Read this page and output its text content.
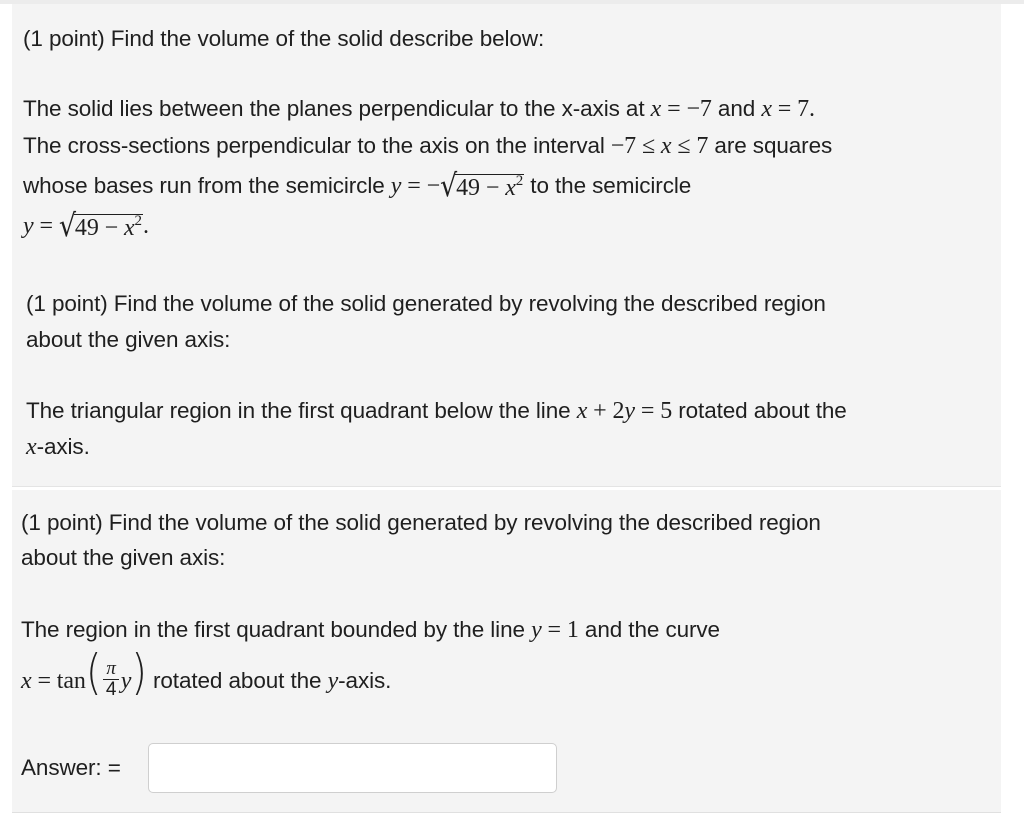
(1 point) Find the volume of the solid describe below:
The solid lies between the planes perpendicular to the x-axis at x = −7 and x = 7.
The cross-sections perpendicular to the axis on the interval −7 ≤ x ≤ 7 are squares
whose bases run from the semicircle $y = -√49 - x^2$ to the semicircle
$y = √49 - x^2$.
(1 point) Find the volume of the solid generated by revolving the described region
about the given axis:
The triangular region in the first quadrant below the line x + 2y = 5 rotated about the
x-axis.
(1 point) Find the volume of the solid generated by revolving the described region
about the given axis:
The region in the first quadrant bounded by the line y = 1 and the curve
$x = \tan( \frac{\pi}{4} y)$ rotated about the y-axis.
Answer: =
